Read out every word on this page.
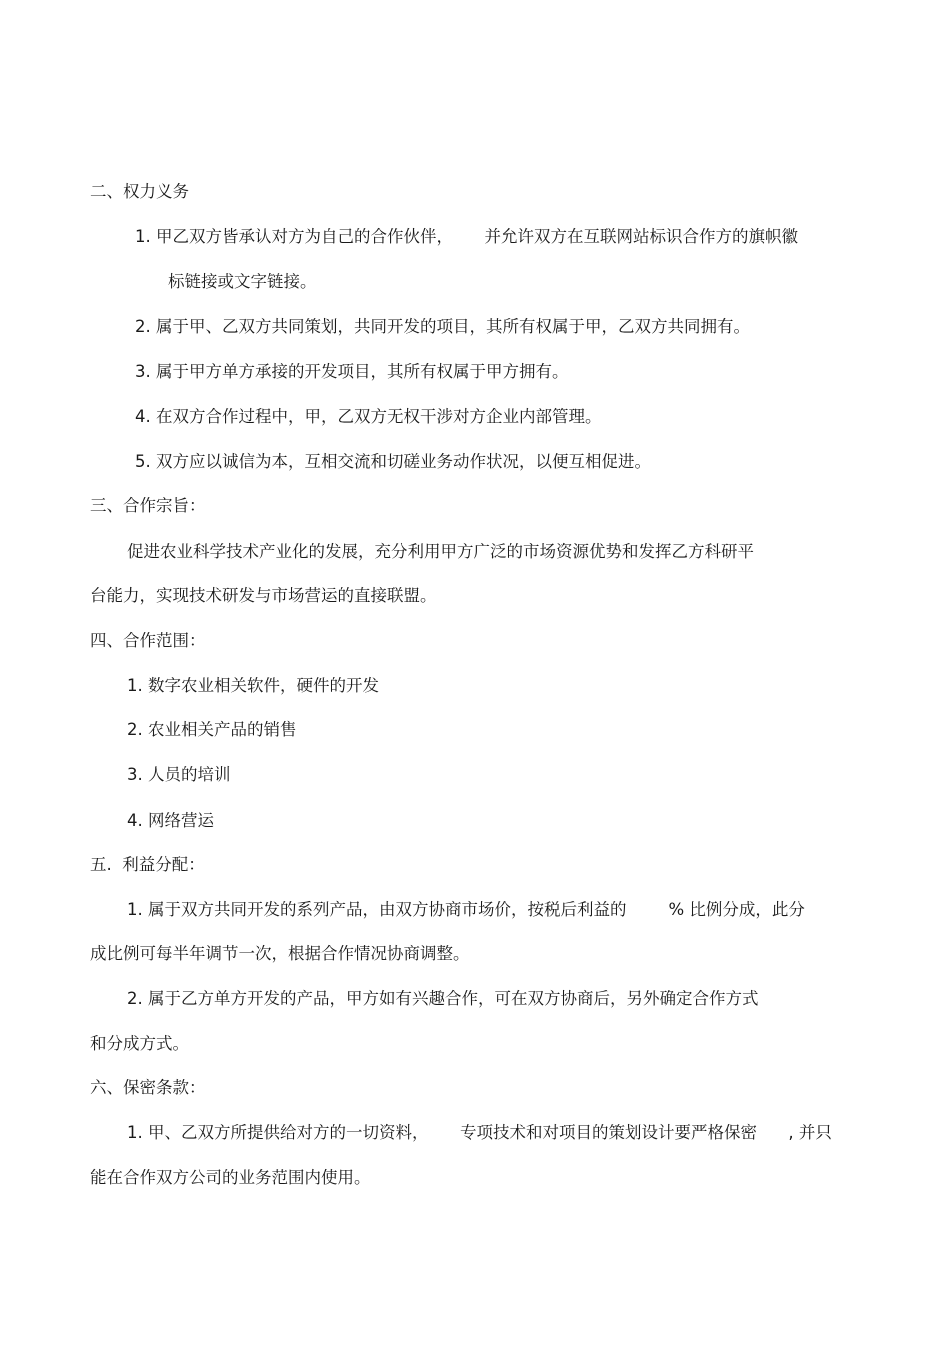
二、权力义务
1. 甲乙双方皆承认对方为自己的合作伙伴，      并允许双方在互联网站标识合作方的旗帜徽
标链接或文字链接。
2. 属于甲、乙双方共同策划，共同开发的项目，其所有权属于甲，乙双方共同拥有。
3. 属于甲方单方承接的开发项目，其所有权属于甲方拥有。
4. 在双方合作过程中，甲，乙双方无权干涉对方企业内部管理。
5. 双方应以诚信为本，互相交流和切磋业务动作状况，以便互相促进。
三、合作宗旨：
促进农业科学技术产业化的发展，充分利用甲方广泛的市场资源优势和发挥乙方科研平
台能力，实现技术研发与市场营运的直接联盟。
四、合作范围：
1. 数字农业相关软件，硬件的开发
2. 农业相关产品的销售
3. 人员的培训
4. 网络营运
五.  利益分配：
1. 属于双方共同开发的系列产品，由双方协商市场价，按税后利益的        % 比例分成，此分
成比例可每半年调节一次，根据合作情况协商调整。
2. 属于乙方单方开发的产品，甲方如有兴趣合作，可在双方协商后，另外确定合作方式
和分成方式。
六、保密条款：
1. 甲、乙双方所提供给对方的一切资料，      专项技术和对项目的策划设计要严格保密      , 并只
能在合作双方公司的业务范围内使用。
